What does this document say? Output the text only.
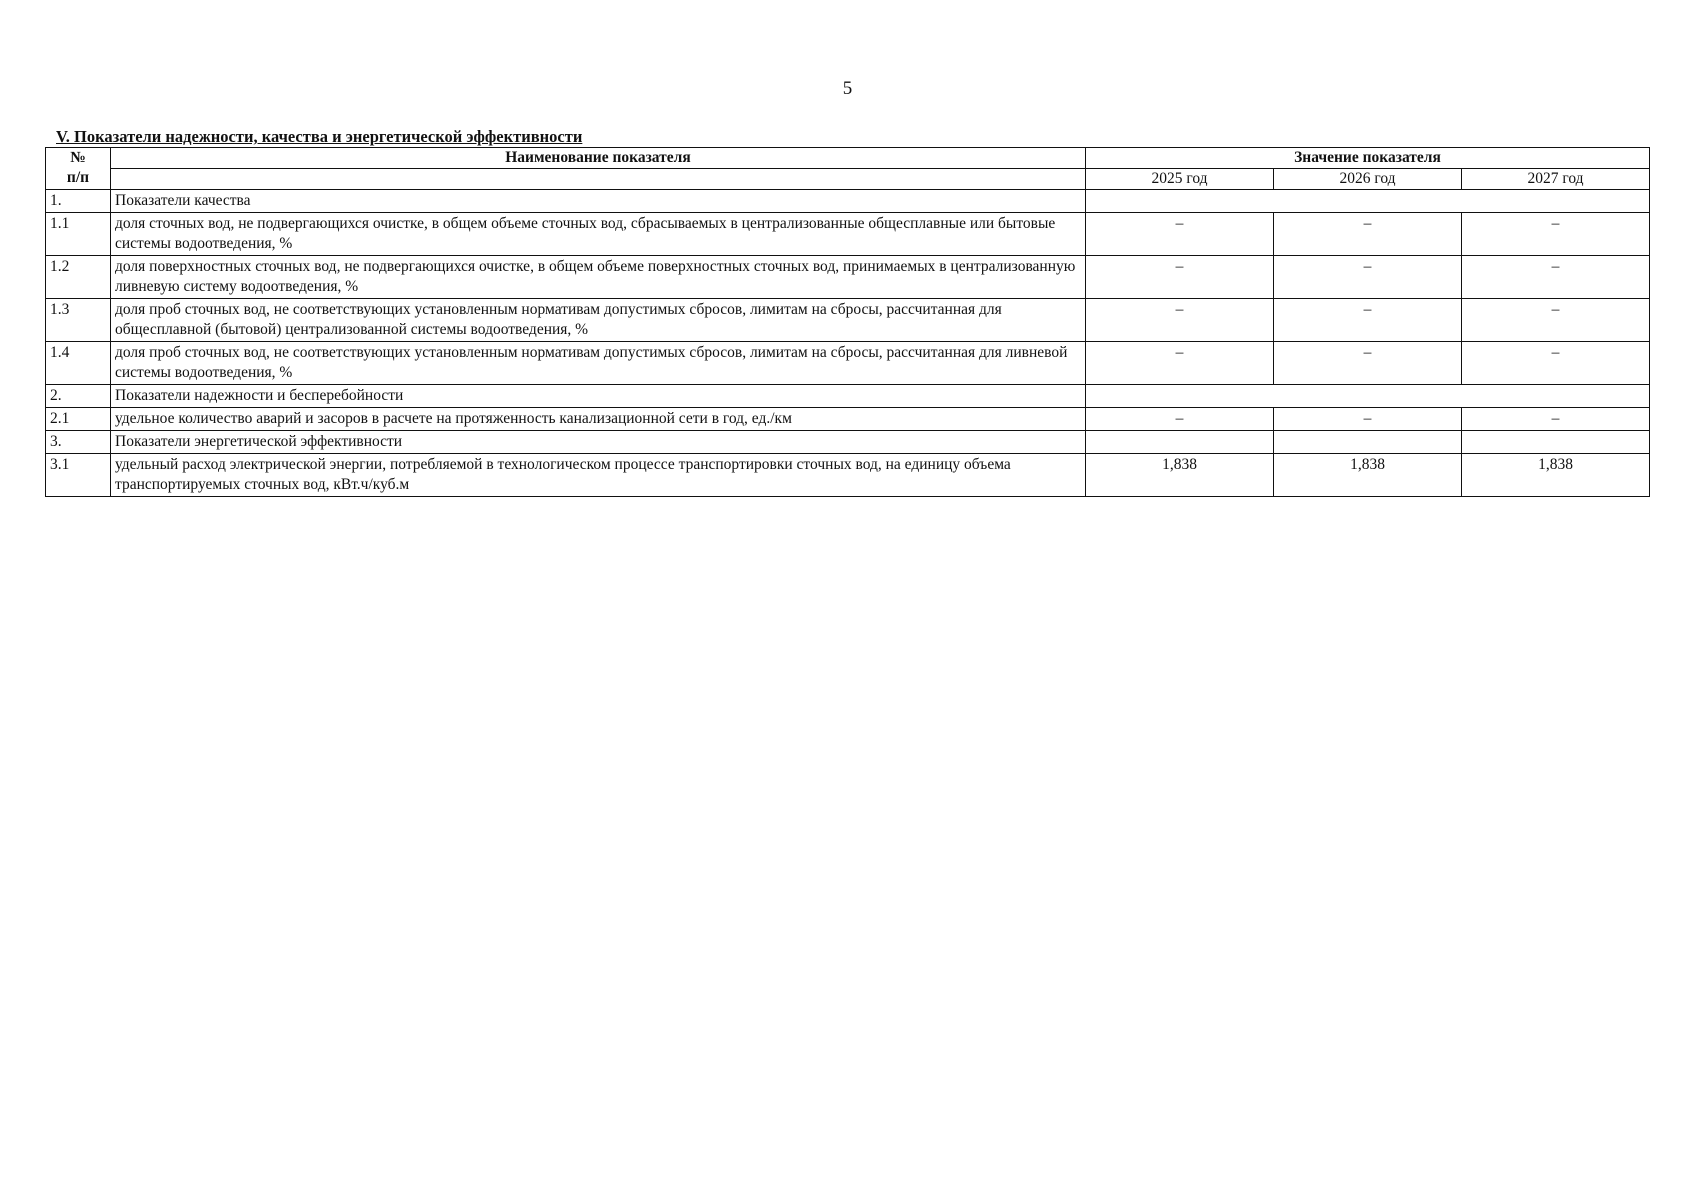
5
V. Показатели надежности, качества и энергетической эффективности
№
п/п	Наименование показателя	Значение показателя		
		2025 год	2026 год	2027 год
1.	Показатели качества			
1.1	доля сточных вод, не подвергающихся очистке, в общем объеме сточных вод, сбрасываемых в централизованные общесплавные или бытовые системы водоотведения, %	–	–	–
1.2	доля поверхностных сточных вод, не подвергающихся очистке, в общем объеме поверхностных сточных вод, принимаемых в централизованную ливневую систему водоотведения, %	–	–	–
1.3	доля проб сточных вод, не соответствующих установленным нормативам допустимых сбросов, лимитам на сбросы, рассчитанная для общесплавной (бытовой) централизованной системы водоотведения, %	–	–	–
1.4	доля проб сточных вод, не соответствующих установленным нормативам допустимых сбросов, лимитам на сбросы, рассчитанная для ливневой системы водоотведения, %	–	–	–
2.	Показатели надежности и бесперебойности			
2.1	удельное количество аварий и засоров в расчете на протяженность канализационной сети в год, ед./км	–	–	–
3.	Показатели энергетической эффективности			
3.1	удельный расход электрической энергии, потребляемой в технологическом процессе транспортировки сточных вод, на единицу объема транспортируемых сточных вод, кВт.ч/куб.м	1,838	1,838	1,838
